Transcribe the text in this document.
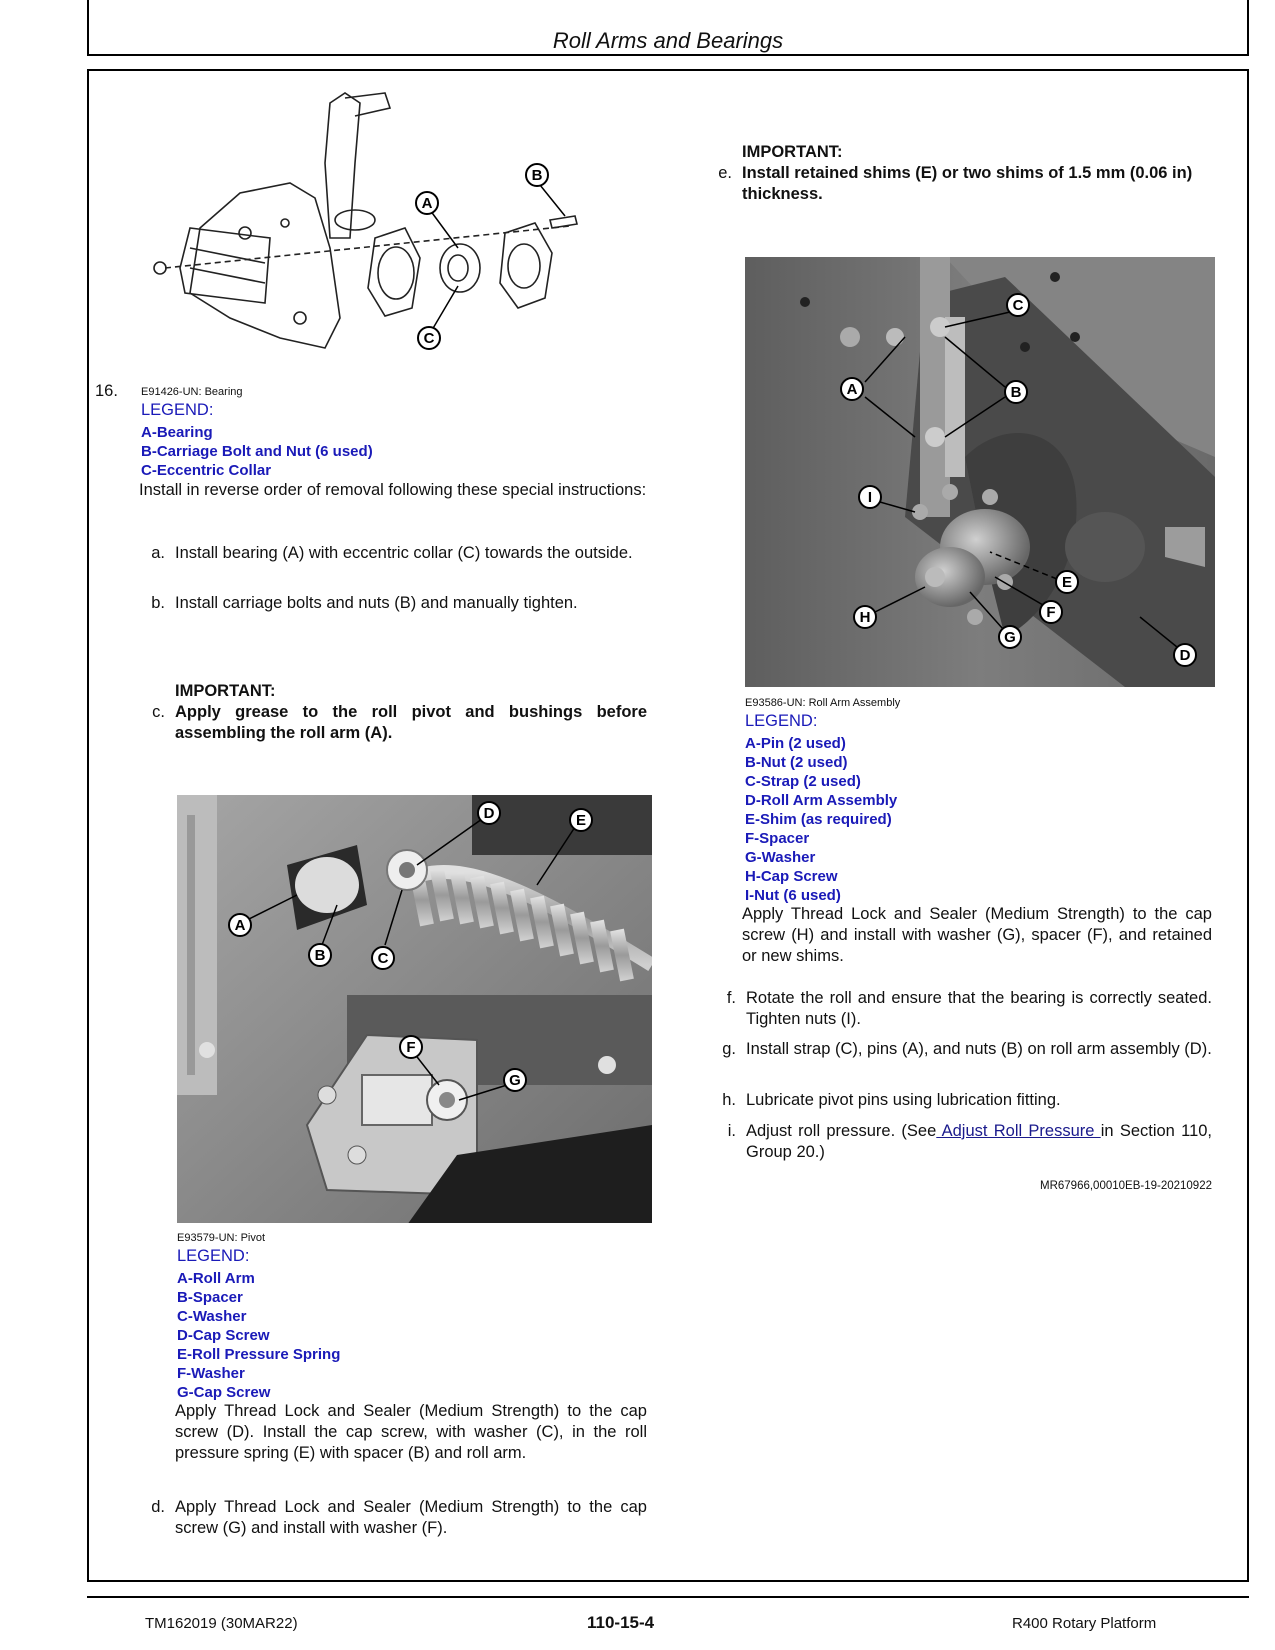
Roll Arms and Bearings
A
B
C
16. E91426-UN: Bearing
LEGEND:
A-Bearing
B-Carriage Bolt and Nut (6 used)
C-Eccentric Collar
Install in reverse order of removal following these special instructions:
a. Install bearing (A) with eccentric collar (C) towards the outside.
b. Install carriage bolts and nuts (B) and manually tighten.
IMPORTANT:
c. Apply grease to the roll pivot and bushings before assembling the roll arm (A).
A
B	C
D	E
F
G
E93579-UN: Pivot
LEGEND:
A-Roll Arm
B-Spacer
C-Washer
D-Cap Screw
E-Roll Pressure Spring
F-Washer
G-Cap Screw
Apply Thread Lock and Sealer (Medium Strength) to the cap screw (D). Install the cap screw, with washer (C), in the roll pressure spring (E) with spacer (B) and roll arm.
d. Apply Thread Lock and Sealer (Medium Strength) to the cap screw (G) and install with washer (F).
IMPORTANT:
e. Install retained shims (E) or two shims of 1.5 mm (0.06 in) thickness.
C
A	B
I
E
F
G
H
D
E93586-UN: Roll Arm Assembly
LEGEND:
A-Pin (2 used)
B-Nut (2 used)
C-Strap (2 used)
D-Roll Arm Assembly
E-Shim (as required)
F-Spacer
G-Washer
H-Cap Screw
I-Nut (6 used)
Apply Thread Lock and Sealer (Medium Strength) to the cap screw (H) and install with washer (G), spacer (F), and retained or new shims.
f. Rotate the roll and ensure that the bearing is correctly seated. Tighten nuts (I).
g. Install strap (C), pins (A), and nuts (B) on roll arm assembly (D).
h. Lubricate pivot pins using lubrication fitting.
i. Adjust roll pressure. (See Adjust Roll Pressure in Section 110, Group 20.)
MR67966,00010EB-19-20210922
TM162019 (30MAR22)	110-15-4	R400 Rotary Platform
